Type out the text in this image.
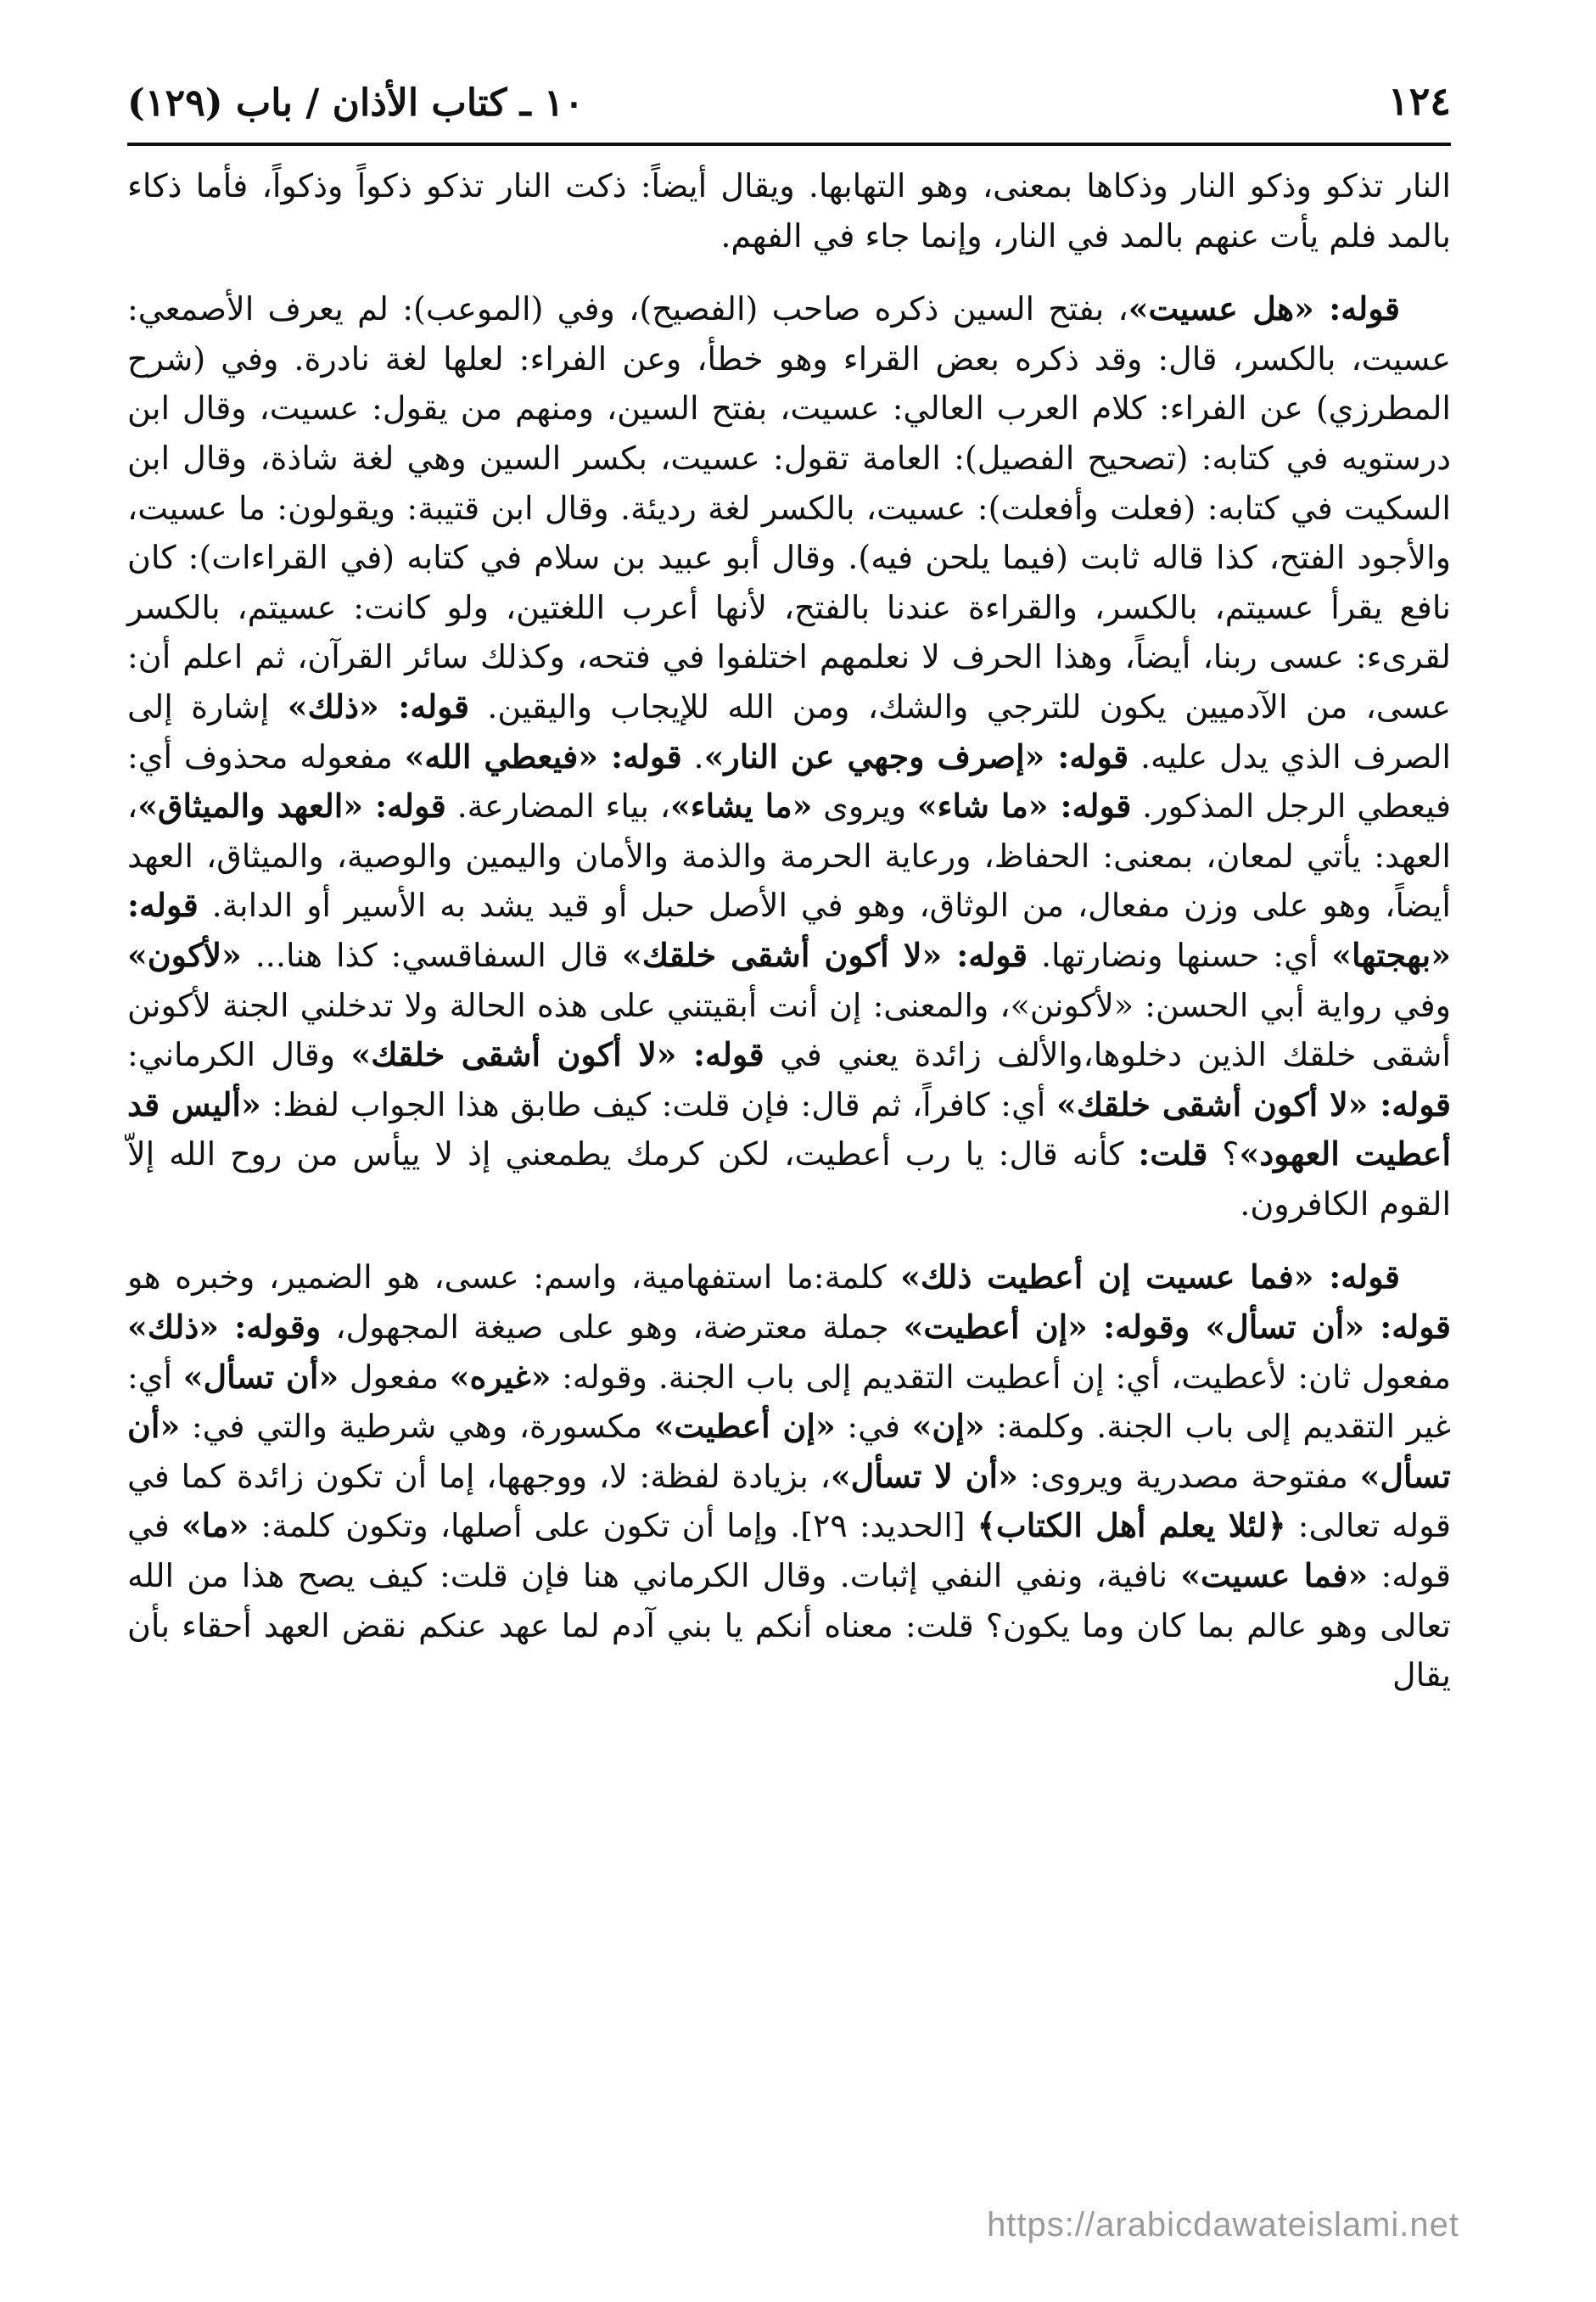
١٢٤
١٠ ـ كتاب الأذان / باب (١٢٩)

النار تذكو وذكو النار وذكاها بمعنى، وهو التهابها. ويقال أيضاً: ذكت النار تذكو ذكواً وذكواً، فأما ذكاء بالمد فلم يأت عنهم بالمد في النار، وإنما جاء في الفهم.

قوله: «هل عسيت»، بفتح السين ذكره صاحب (الفصيح)، وفي (الموعب): لم يعرف الأصمعي: عسيت، بالكسر، قال: وقد ذكره بعض القراء وهو خطأ، وعن الفراء: لعلها لغة نادرة. وفي (شرح المطرزي) عن الفراء: كلام العرب العالي: عسيت، بفتح السين، ومنهم من يقول: عسيت، وقال ابن درستويه في كتابه: (تصحيح الفصيل): العامة تقول: عسيت، بكسر السين وهي لغة شاذة، وقال ابن السكيت في كتابه: (فعلت وأفعلت): عسيت، بالكسر لغة رديئة. وقال ابن قتيبة: ويقولون: ما عسيت، والأجود الفتح، كذا قاله ثابت (فيما يلحن فيه). وقال أبو عبيد بن سلام في كتابه (في القراءات): كان نافع يقرأ عسيتم، بالكسر، والقراءة عندنا بالفتح، لأنها أعرب اللغتين، ولو كانت: عسيتم، بالكسر لقرىء: عسى ربنا، أيضاً، وهذا الحرف لا نعلمهم اختلفوا في فتحه، وكذلك سائر القرآن، ثم اعلم أن: عسى، من الآدميين يكون للترجي والشك، ومن الله للإيجاب واليقين. قوله: «ذلك» إشارة إلى الصرف الذي يدل عليه. قوله: «إصرف وجهي عن النار». قوله: «فيعطي الله» مفعوله محذوف أي: فيعطي الرجل المذكور. قوله: «ما شاء» ويروى «ما يشاء»، بياء المضارعة. قوله: «العهد والميثاق»، العهد: يأتي لمعان، بمعنى: الحفاظ، ورعاية الحرمة والذمة والأمان واليمين والوصية، والميثاق، العهد أيضاً، وهو على وزن مفعال، من الوثاق، وهو في الأصل حبل أو قيد يشد به الأسير أو الدابة. قوله: «بهجتها» أي: حسنها ونضارتها. قوله: «لا أكون أشقى خلقك» قال السفاقسي: كذا هنا... «لأكون» وفي رواية أبي الحسن: «لأكونن»، والمعنى: إن أنت أبقيتني على هذه الحالة ولا تدخلني الجنة لأكونن أشقى خلقك الذين دخلوها،والألف زائدة يعني في قوله: «لا أكون أشقى خلقك» وقال الكرماني: قوله: «لا أكون أشقى خلقك» أي: كافراً، ثم قال: فإن قلت: كيف طابق هذا الجواب لفظ: «أليس قد أعطيت العهود»؟ قلت: كأنه قال: يا رب أعطيت، لكن كرمك يطمعني إذ لا ييأس من روح الله إلاّ القوم الكافرون.

قوله: «فما عسيت إن أعطيت ذلك» كلمة:ما استفهامية، واسم: عسى، هو الضمير، وخبره هو قوله: «أن تسأل» وقوله: «إن أعطيت» جملة معترضة، وهو على صيغة المجهول، وقوله: «ذلك» مفعول ثان: لأعطيت، أي: إن أعطيت التقديم إلى باب الجنة. وقوله: «غيره» مفعول «أن تسأل» أي: غير التقديم إلى باب الجنة. وكلمة: «إن» في: «إن أعطيت» مكسورة، وهي شرطية والتي في: «أن تسأل» مفتوحة مصدرية ويروى: «أن لا تسأل»، بزيادة لفظة: لا، ووجهها، إما أن تكون زائدة كما في قوله تعالى: ﴿لئلا يعلم أهل الكتاب﴾ [الحديد: ٢٩]. وإما أن تكون على أصلها، وتكون كلمة: «ما» في قوله: «فما عسيت» نافية، ونفي النفي إثبات. وقال الكرماني هنا فإن قلت: كيف يصح هذا من الله تعالى وهو عالم بما كان وما يكون؟ قلت: معناه أنكم يا بني آدم لما عهد عنكم نقض العهد أحقاء بأن يقال

https://arabicdawateislami.net
